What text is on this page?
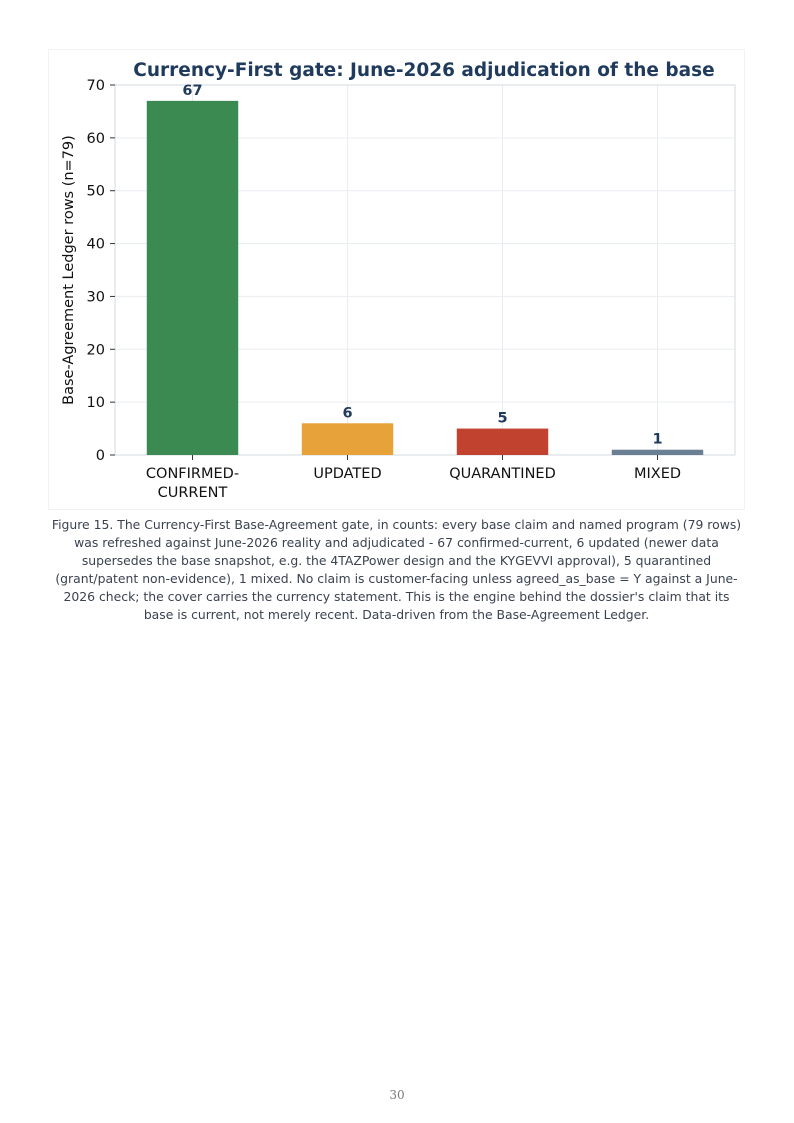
Currency-First gate: June-2026 adjudication of the base
Base-Agreement Ledger rows (n=79)
67
6	5
1
0
10
20
30
40
50
60
70
CONFIRMED-
CURRENT
UPDATED	QUARANTINED	MIXED

Figure 15. The Currency-First Base-Agreement gate, in counts: every base claim and named program (79 rows) was refreshed against June-2026 reality and adjudicated - 67 confirmed-current, 6 updated (newer data supersedes the base snapshot, e.g. the 4TAZPower design and the KYGEVVI approval), 5 quarantined (grant/patent non-evidence), 1 mixed. No claim is customer-facing unless agreed_as_base = Y against a June-2026 check; the cover carries the currency statement. This is the engine behind the dossier's claim that its base is current, not merely recent. Data-driven from the Base-Agreement Ledger.

30
